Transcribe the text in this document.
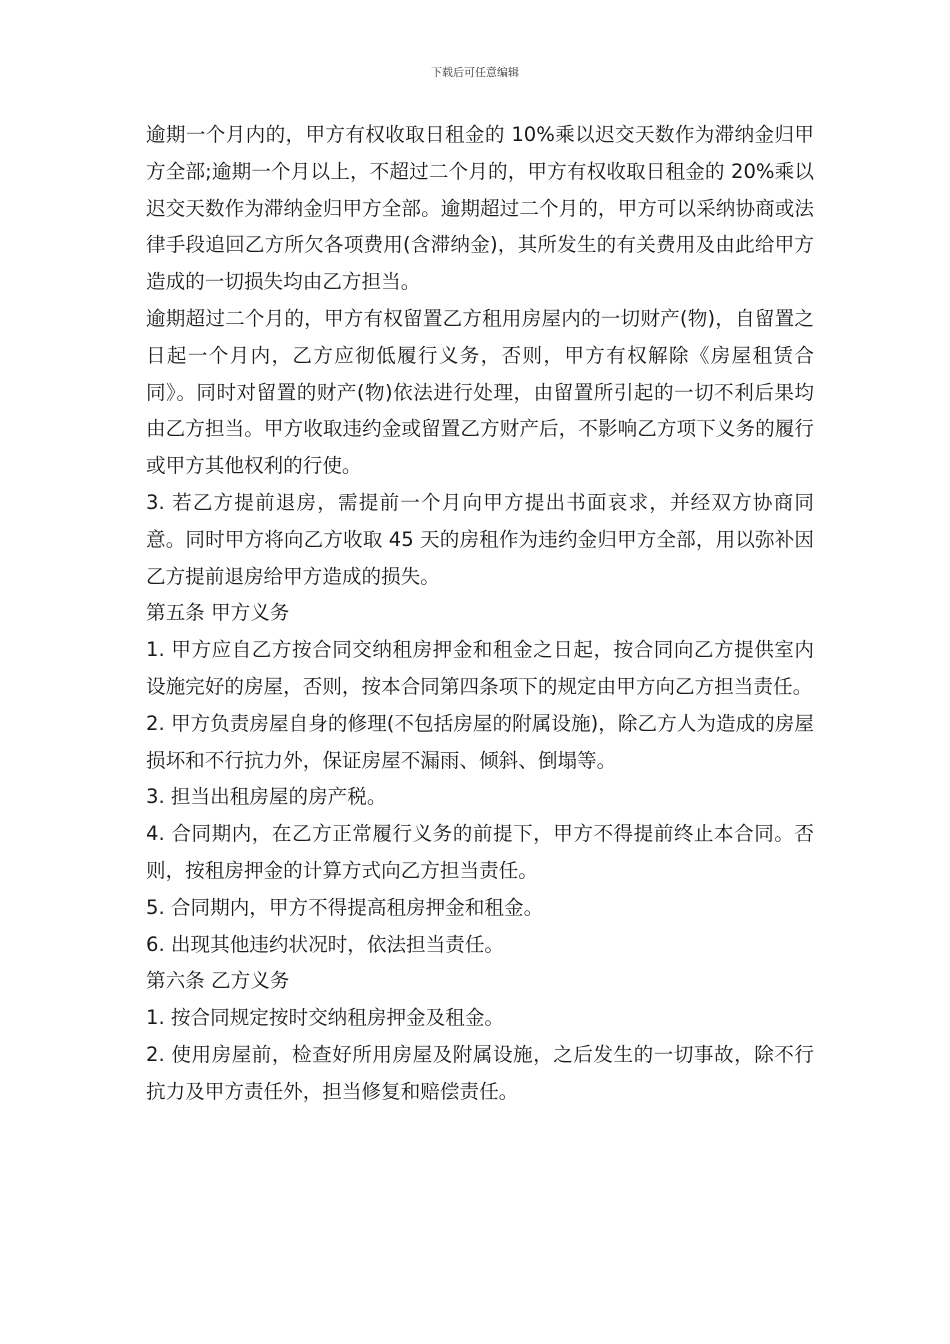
下载后可任意编辑

逾期一个月内的，甲方有权收取日租金的 10%乘以迟交天数作为滞纳金归甲方全部;逾期一个月以上，不超过二个月的，甲方有权收取日租金的 20%乘以迟交天数作为滞纳金归甲方全部。逾期超过二个月的，甲方可以采纳协商或法律手段追回乙方所欠各项费用(含滞纳金)，其所发生的有关费用及由此给甲方造成的一切损失均由乙方担当。

逾期超过二个月的，甲方有权留置乙方租用房屋内的一切财产(物)，自留置之日起一个月内，乙方应彻低履行义务，否则，甲方有权解除《房屋租赁合同》。同时对留置的财产(物)依法进行处理，由留置所引起的一切不利后果均由乙方担当。甲方收取违约金或留置乙方财产后，不影响乙方项下义务的履行或甲方其他权利的行使。

3. 若乙方提前退房，需提前一个月向甲方提出书面哀求，并经双方协商同意。同时甲方将向乙方收取 45 天的房租作为违约金归甲方全部，用以弥补因乙方提前退房给甲方造成的损失。

第五条 甲方义务

1. 甲方应自乙方按合同交纳租房押金和租金之日起，按合同向乙方提供室内设施完好的房屋，否则，按本合同第四条项下的规定由甲方向乙方担当责任。

2. 甲方负责房屋自身的修理(不包括房屋的附属设施)，除乙方人为造成的房屋损坏和不行抗力外，保证房屋不漏雨、倾斜、倒塌等。

3. 担当出租房屋的房产税。

4. 合同期内，在乙方正常履行义务的前提下，甲方不得提前终止本合同。否则，按租房押金的计算方式向乙方担当责任。

5. 合同期内，甲方不得提高租房押金和租金。

6. 出现其他违约状况时，依法担当责任。

第六条 乙方义务

1. 按合同规定按时交纳租房押金及租金。

2. 使用房屋前，检查好所用房屋及附属设施，之后发生的一切事故，除不行抗力及甲方责任外，担当修复和赔偿责任。
